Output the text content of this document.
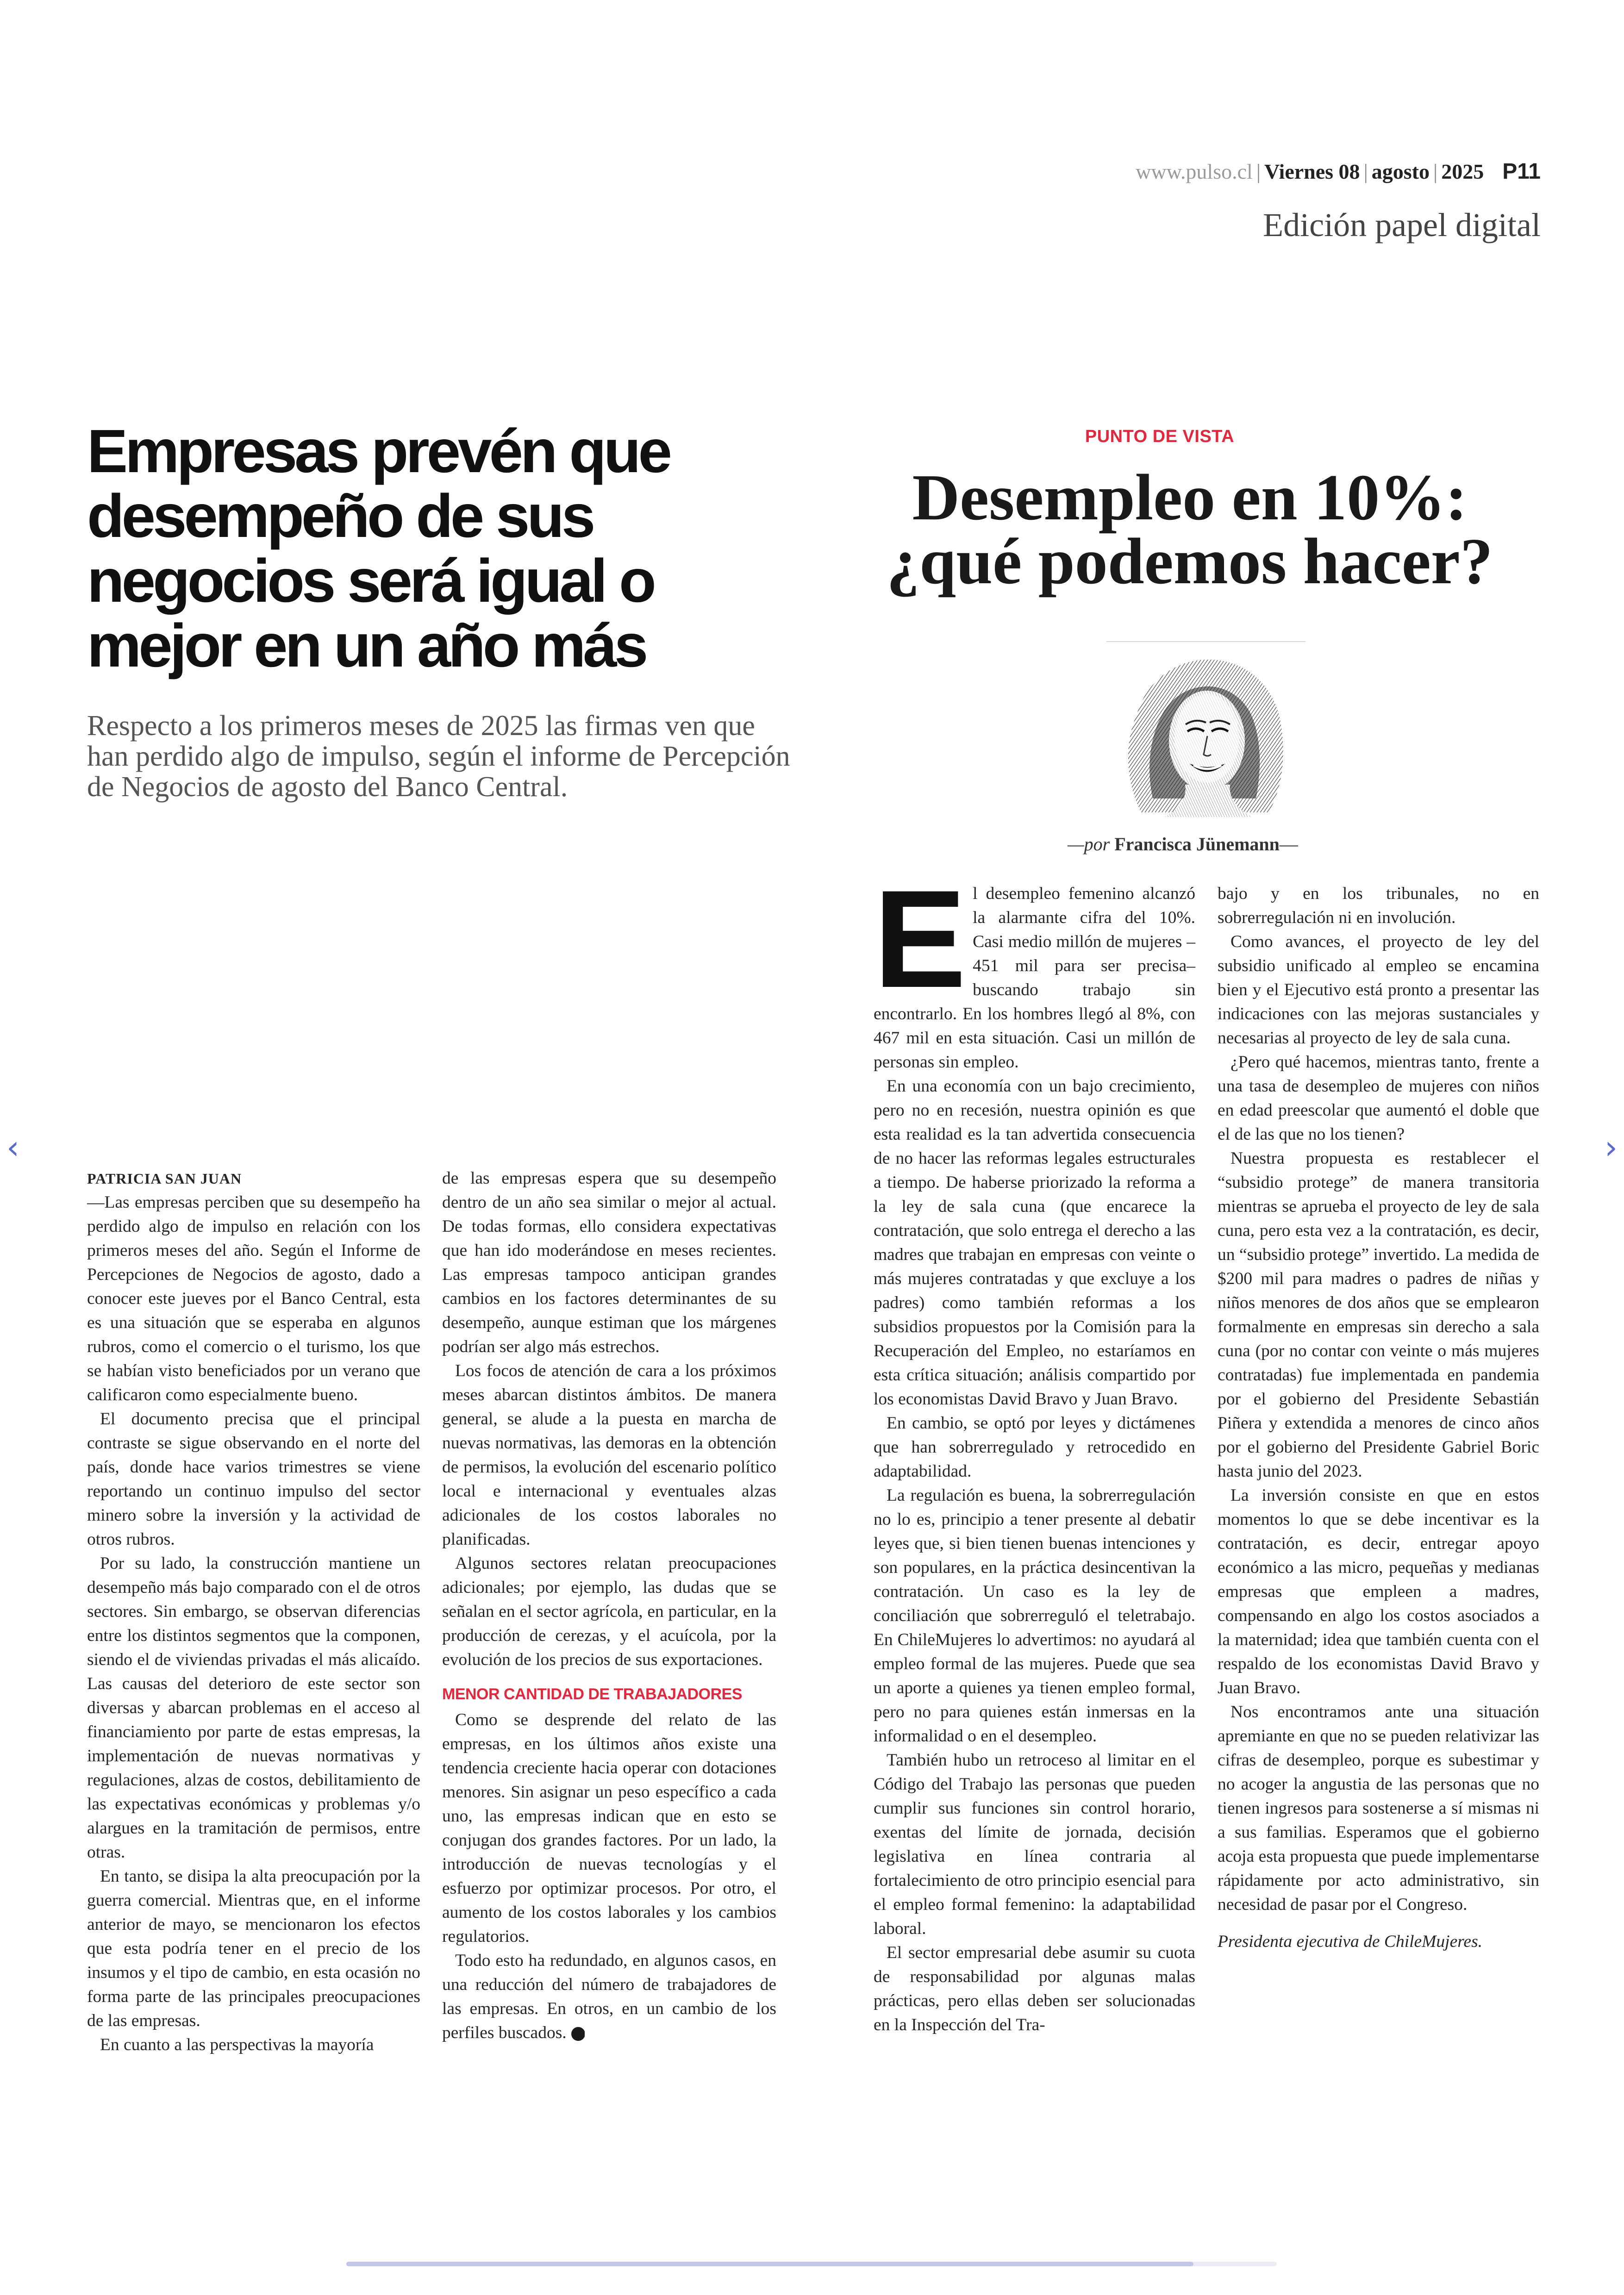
www.pulso.cl | Viernes 08 | agosto | 2025 P11
Edición papel digital
Empresas prevén que desempeño de sus negocios será igual o mejor en un año más

Respecto a los primeros meses de 2025 las firmas ven que han perdido algo de impulso, según el informe de Percepción de Negocios de agosto del Banco Central.

PATRICIA SAN JUAN

—Las empresas perciben que su desempeño ha perdido algo de impulso en relación con los primeros meses del año. Según el Informe de Percepciones de Negocios de agosto, dado a conocer este jueves por el Banco Central, esta es una situación que se esperaba en algunos rubros, como el comercio o el turismo, los que se habían visto beneficiados por un verano que calificaron como especialmente bueno.

El documento precisa que el principal contraste se sigue observando en el norte del país, donde hace varios trimestres se viene reportando un continuo impulso del sector minero sobre la inversión y la actividad de otros rubros.

Por su lado, la construcción mantiene un desempeño más bajo comparado con el de otros sectores. Sin embargo, se observan diferencias entre los distintos segmentos que la componen, siendo el de viviendas privadas el más alicaído. Las causas del deterioro de este sector son diversas y abarcan problemas en el acceso al financiamiento por parte de estas empresas, la implementación de nuevas normativas y regulaciones, alzas de costos, debilitamiento de las expectativas económicas y problemas y/o alargues en la tramitación de permisos, entre otras.

En tanto, se disipa la alta preocupación por la guerra comercial. Mientras que, en el informe anterior de mayo, se mencionaron los efectos que esta podría tener en el precio de los insumos y el tipo de cambio, en esta ocasión no forma parte de las principales preocupaciones de las empresas.

En cuanto a las perspectivas la mayoría

de las empresas espera que su desempeño dentro de un año sea similar o mejor al actual. De todas formas, ello considera expectativas que han ido moderándose en meses recientes. Las empresas tampoco anticipan grandes cambios en los factores determinantes de su desempeño, aunque estiman que los márgenes podrían ser algo más estrechos.

Los focos de atención de cara a los próximos meses abarcan distintos ámbitos. De manera general, se alude a la puesta en marcha de nuevas normativas, las demoras en la obtención de permisos, la evolución del escenario político local e internacional y eventuales alzas adicionales de los costos laborales no planificadas.

Algunos sectores relatan preocupaciones adicionales; por ejemplo, las dudas que se señalan en el sector agrícola, en particular, en la producción de cerezas, y el acuícola, por la evolución de los precios de sus exportaciones.

MENOR CANTIDAD DE TRABAJADORES

Como se desprende del relato de las empresas, en los últimos años existe una tendencia creciente hacia operar con dotaciones menores. Sin asignar un peso específico a cada uno, las empresas indican que en esto se conjugan dos grandes factores. Por un lado, la introducción de nuevas tecnologías y el esfuerzo por optimizar procesos. Por otro, el aumento de los costos laborales y los cambios regulatorios.

Todo esto ha redundado, en algunos casos, en una reducción del número de trabajadores de las empresas. En otros, en un cambio de los perfiles buscados. P

PUNTO DE VISTA
Desempleo en 10%: ¿qué podemos hacer?
—por Francisca Jünemann—

El desempleo femenino alcanzó la alarmante cifra del 10%. Casi medio millón de mujeres –451 mil para ser precisa– buscando trabajo sin encontrarlo. En los hombres llegó al 8%, con 467 mil en esta situación. Casi un millón de personas sin empleo.

En una economía con un bajo crecimiento, pero no en recesión, nuestra opinión es que esta realidad es la tan advertida consecuencia de no hacer las reformas legales estructurales a tiempo. De haberse priorizado la reforma a la ley de sala cuna (que encarece la contratación, que solo entrega el derecho a las madres que trabajan en empresas con veinte o más mujeres contratadas y que excluye a los padres) como también reformas a los subsidios propuestos por la Comisión para la Recuperación del Empleo, no estaríamos en esta crítica situación; análisis compartido por los economistas David Bravo y Juan Bravo.

En cambio, se optó por leyes y dictámenes que han sobrerregulado y retrocedido en adaptabilidad.

La regulación es buena, la sobrerregulación no lo es, principio a tener presente al debatir leyes que, si bien tienen buenas intenciones y son populares, en la práctica desincentivan la contratación. Un caso es la ley de conciliación que sobrerreguló el teletrabajo. En ChileMujeres lo advertimos: no ayudará al empleo formal de las mujeres. Puede que sea un aporte a quienes ya tienen empleo formal, pero no para quienes están inmersas en la informalidad o en el desempleo.

También hubo un retroceso al limitar en el Código del Trabajo las personas que pueden cumplir sus funciones sin control horario, exentas del límite de jornada, decisión legislativa en línea contraria al fortalecimiento de otro principio esencial para el empleo formal femenino: la adaptabilidad laboral.

El sector empresarial debe asumir su cuota de responsabilidad por algunas malas prácticas, pero ellas deben ser solucionadas en la Inspección del Tra-

bajo y en los tribunales, no en sobrerregulación ni en involución.

Como avances, el proyecto de ley del subsidio unificado al empleo se encamina bien y el Ejecutivo está pronto a presentar las indicaciones con las mejoras sustanciales y necesarias al proyecto de ley de sala cuna.

¿Pero qué hacemos, mientras tanto, frente a una tasa de desempleo de mujeres con niños en edad preescolar que aumentó el doble que el de las que no los tienen?

Nuestra propuesta es restablecer el “subsidio protege” de manera transitoria mientras se aprueba el proyecto de ley de sala cuna, pero esta vez a la contratación, es decir, un “subsidio protege” invertido. La medida de $200 mil para madres o padres de niñas y niños menores de dos años que se emplearon formalmente en empresas sin derecho a sala cuna (por no contar con veinte o más mujeres contratadas) fue implementada en pandemia por el gobierno del Presidente Sebastián Piñera y extendida a menores de cinco años por el gobierno del Presidente Gabriel Boric hasta junio del 2023.

La inversión consiste en que en estos momentos lo que se debe incentivar es la contratación, es decir, entregar apoyo económico a las micro, pequeñas y medianas empresas que empleen a madres, compensando en algo los costos asociados a la maternidad; idea que también cuenta con el respaldo de los economistas David Bravo y Juan Bravo.

Nos encontramos ante una situación apremiante en que no se pueden relativizar las cifras de desempleo, porque es subestimar y no acoger la angustia de las personas que no tienen ingresos para sostenerse a sí mismas ni a sus familias. Esperamos que el gobierno acoja esta propuesta que puede implementarse rápidamente por acto administrativo, sin necesidad de pasar por el Congreso.

Presidenta ejecutiva de ChileMujeres.

‹	›
